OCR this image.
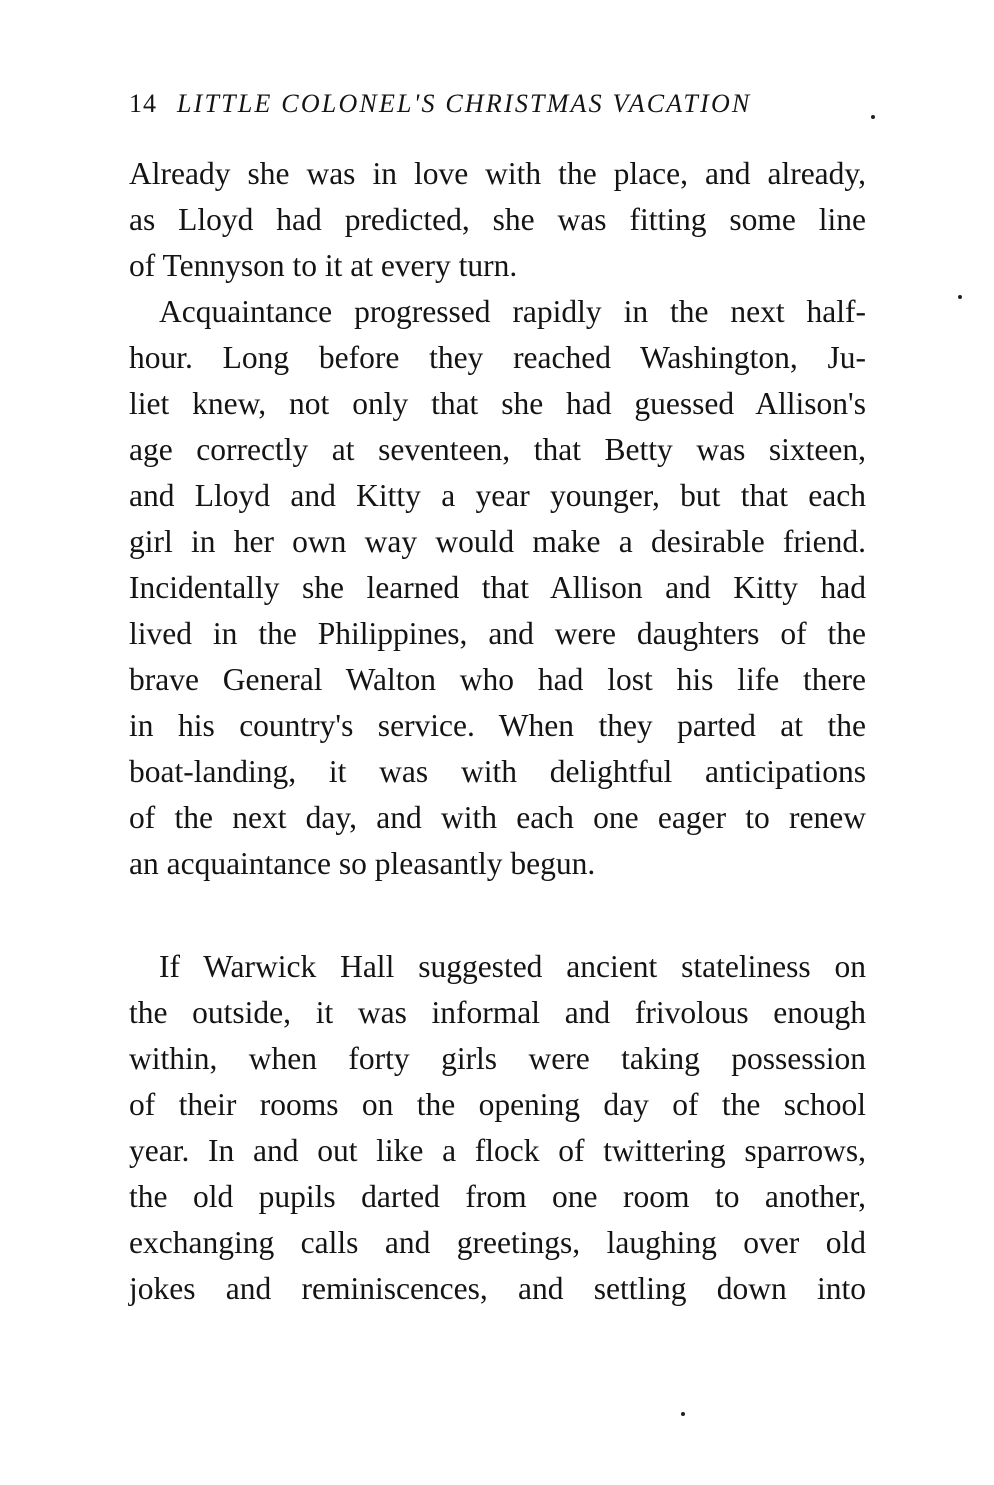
14 LITTLE COLONEL'S CHRISTMAS VACATION
Already she was in love with the place, and already,
as Lloyd had predicted, she was fitting some line
of Tennyson to it at every turn.
Acquaintance progressed rapidly in the next half-
hour. Long before they reached Washington, Ju-
liet knew, not only that she had guessed Allison's
age correctly at seventeen, that Betty was sixteen,
and Lloyd and Kitty a year younger, but that each
girl in her own way would make a desirable friend.
Incidentally she learned that Allison and Kitty had
lived in the Philippines, and were daughters of the
brave General Walton who had lost his life there
in his country's service. When they parted at the
boat-landing, it was with delightful anticipations
of the next day, and with each one eager to renew
an acquaintance so pleasantly begun.
If Warwick Hall suggested ancient stateliness on
the outside, it was informal and frivolous enough
within, when forty girls were taking possession
of their rooms on the opening day of the school
year. In and out like a flock of twittering sparrows,
the old pupils darted from one room to another,
exchanging calls and greetings, laughing over old
jokes and reminiscences, and settling down into
